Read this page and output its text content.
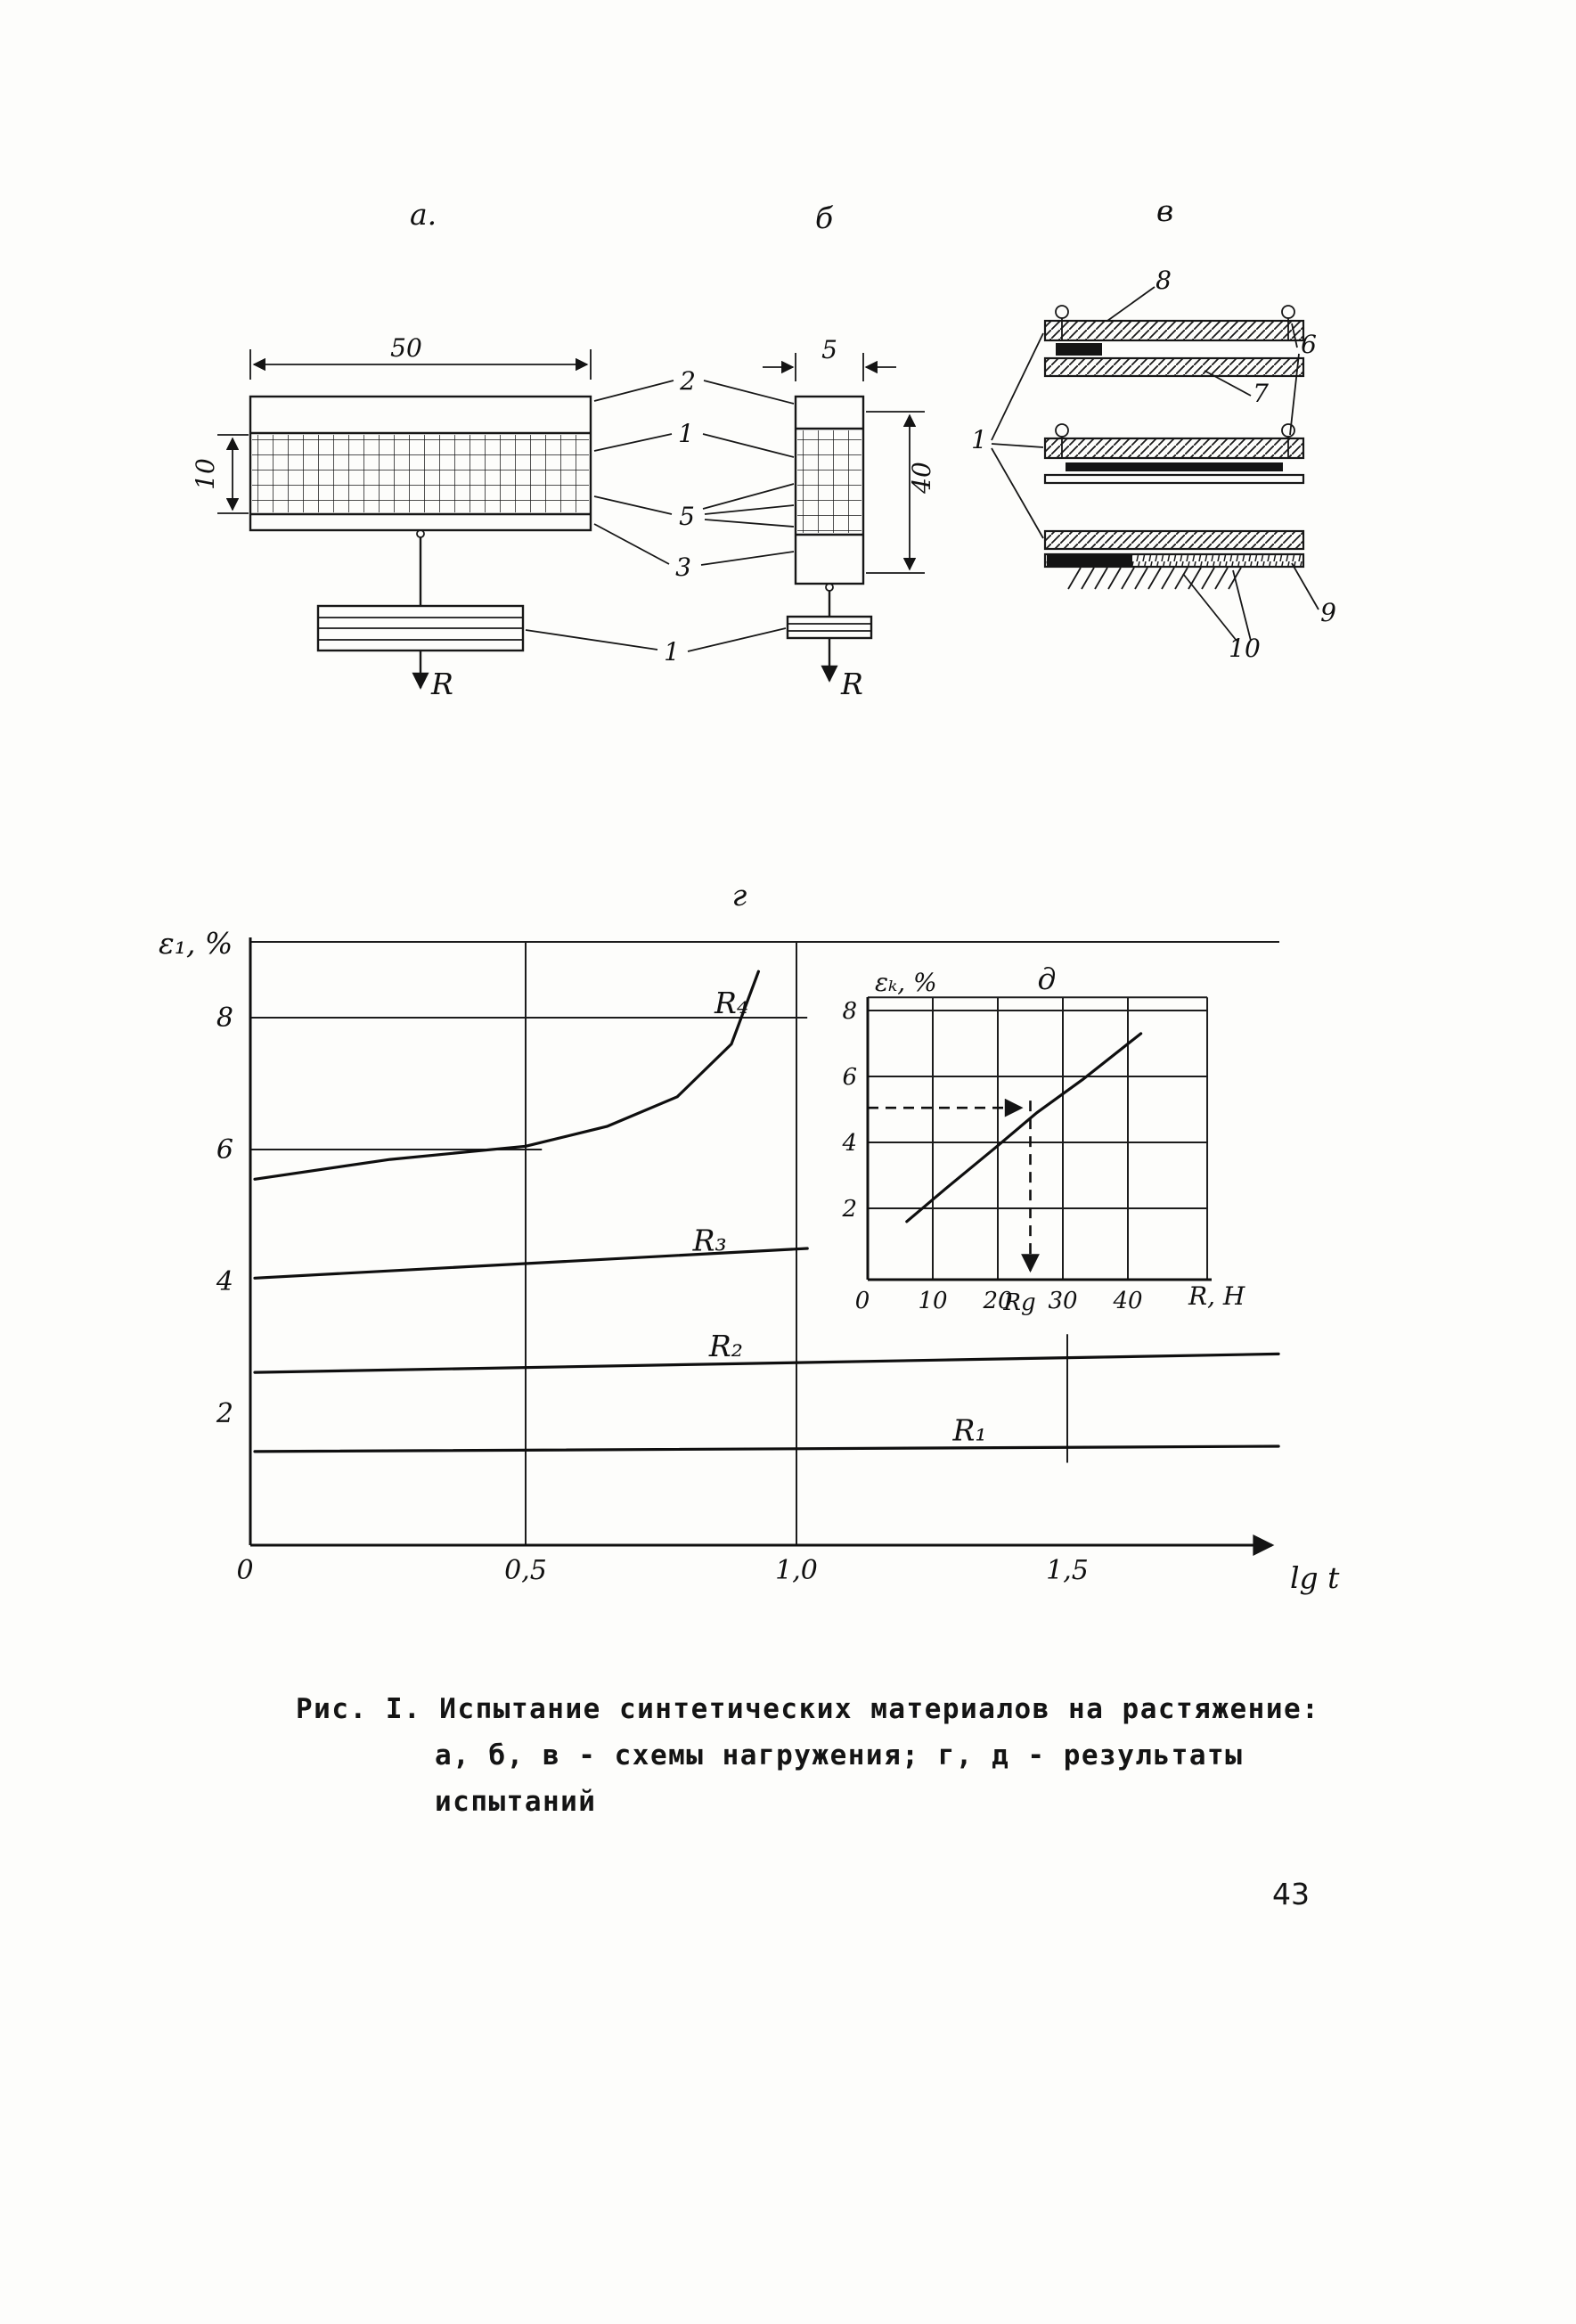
а.
50
10
R
б
5
40
R
в
2
1
5
3
1
8
6
7
1
9
10
г
R₁
R₂
R₃
R₄
2
4
6
8
0	0,5	1,0	1,5
ε₁, %
lg t
д
εₖ, %
Rg
2
4
6
8
0 10 20 30 40 R, Н
Рис. I. Испытание синтетических материалов на растяжение:
а, б, в - схемы нагружения; г, д - результаты
испытаний
43
